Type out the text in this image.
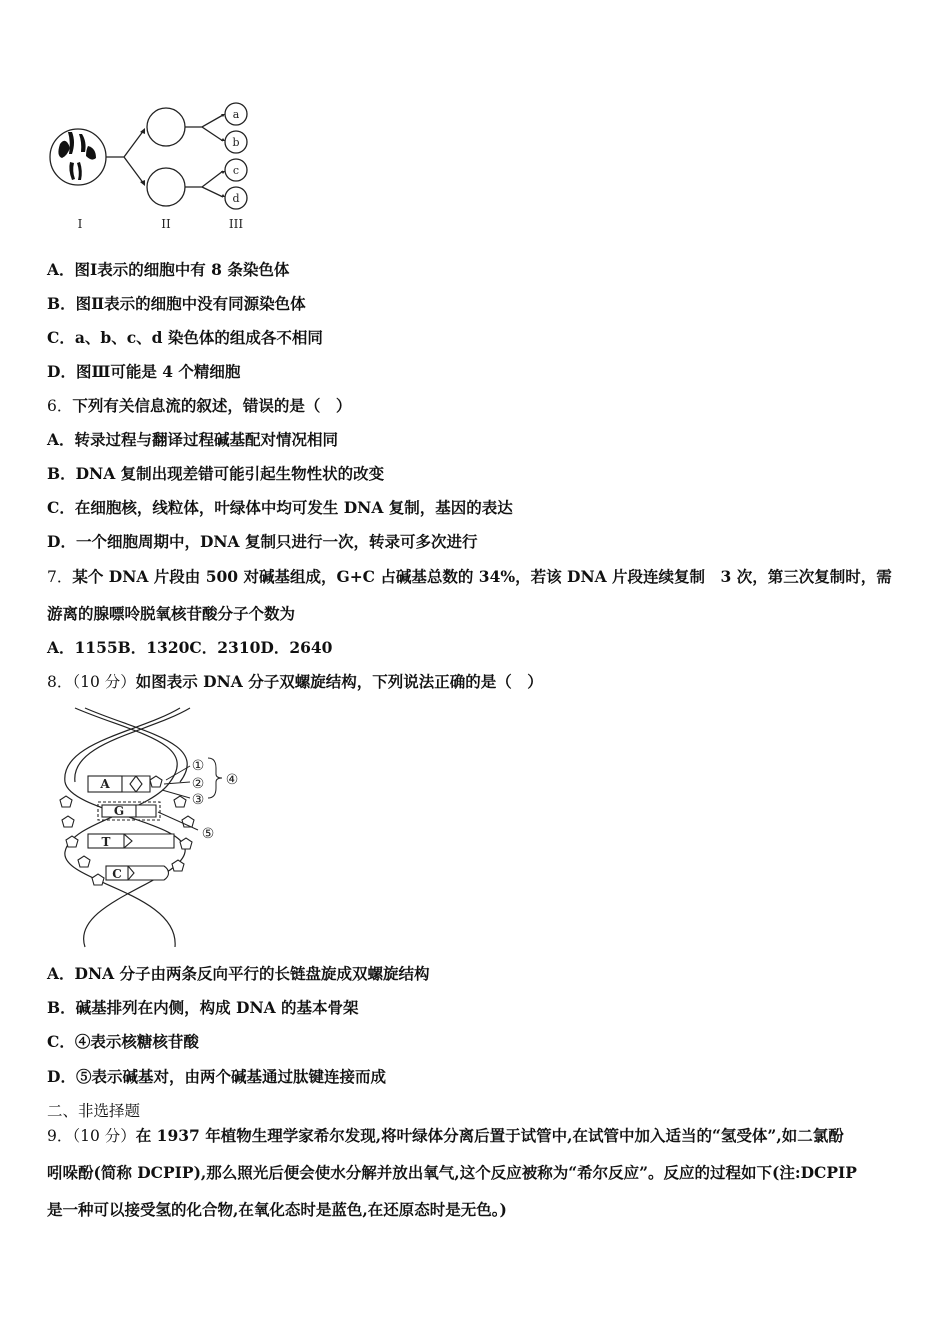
a
b
c
d
I	II	III
A．图Ⅰ表示的细胞中有 8 条染色体
B．图Ⅱ表示的细胞中没有同源染色体
C．a、b、c、d 染色体的组成各不相同
D．图Ⅲ可能是 4 个精细胞
6．下列有关信息流的叙述，错误的是（　）
A．转录过程与翻译过程碱基配对情况相同
B．DNA 复制出现差错可能引起生物性状的改变
C．在细胞核，线粒体，叶绿体中均可发生 DNA 复制，基因的表达
D．一个细胞周期中，DNA 复制只进行一次，转录可多次进行
7．某个 DNA 片段由 500 对碱基组成，G+C 占碱基总数的 34%，若该 DNA 片段连续复制　3 次，第三次复制时，需
游离的腺嘌呤脱氧核苷酸分子个数为
A．1155B．1320C．2310D．2640
8．（10 分）如图表示 DNA 分子双螺旋结构，下列说法正确的是（　）
A
G
T
C
①
②
③
④
⑤
A．DNA 分子由两条反向平行的长链盘旋成双螺旋结构
B．碱基排列在内侧，构成 DNA 的基本骨架
C．④表示核糖核苷酸
D．⑤表示碱基对，由两个碱基通过肽键连接而成
二、非选择题
9．（10 分）在 1937 年植物生理学家希尔发现,将叶绿体分离后置于试管中,在试管中加入适当的“氢受体”,如二氯酚
吲哚酚(简称 DCPIP),那么照光后便会使水分解并放出氧气,这个反应被称为“希尔反应”。反应的过程如下(注:DCPIP
是一种可以接受氢的化合物,在氧化态时是蓝色,在还原态时是无色。)
